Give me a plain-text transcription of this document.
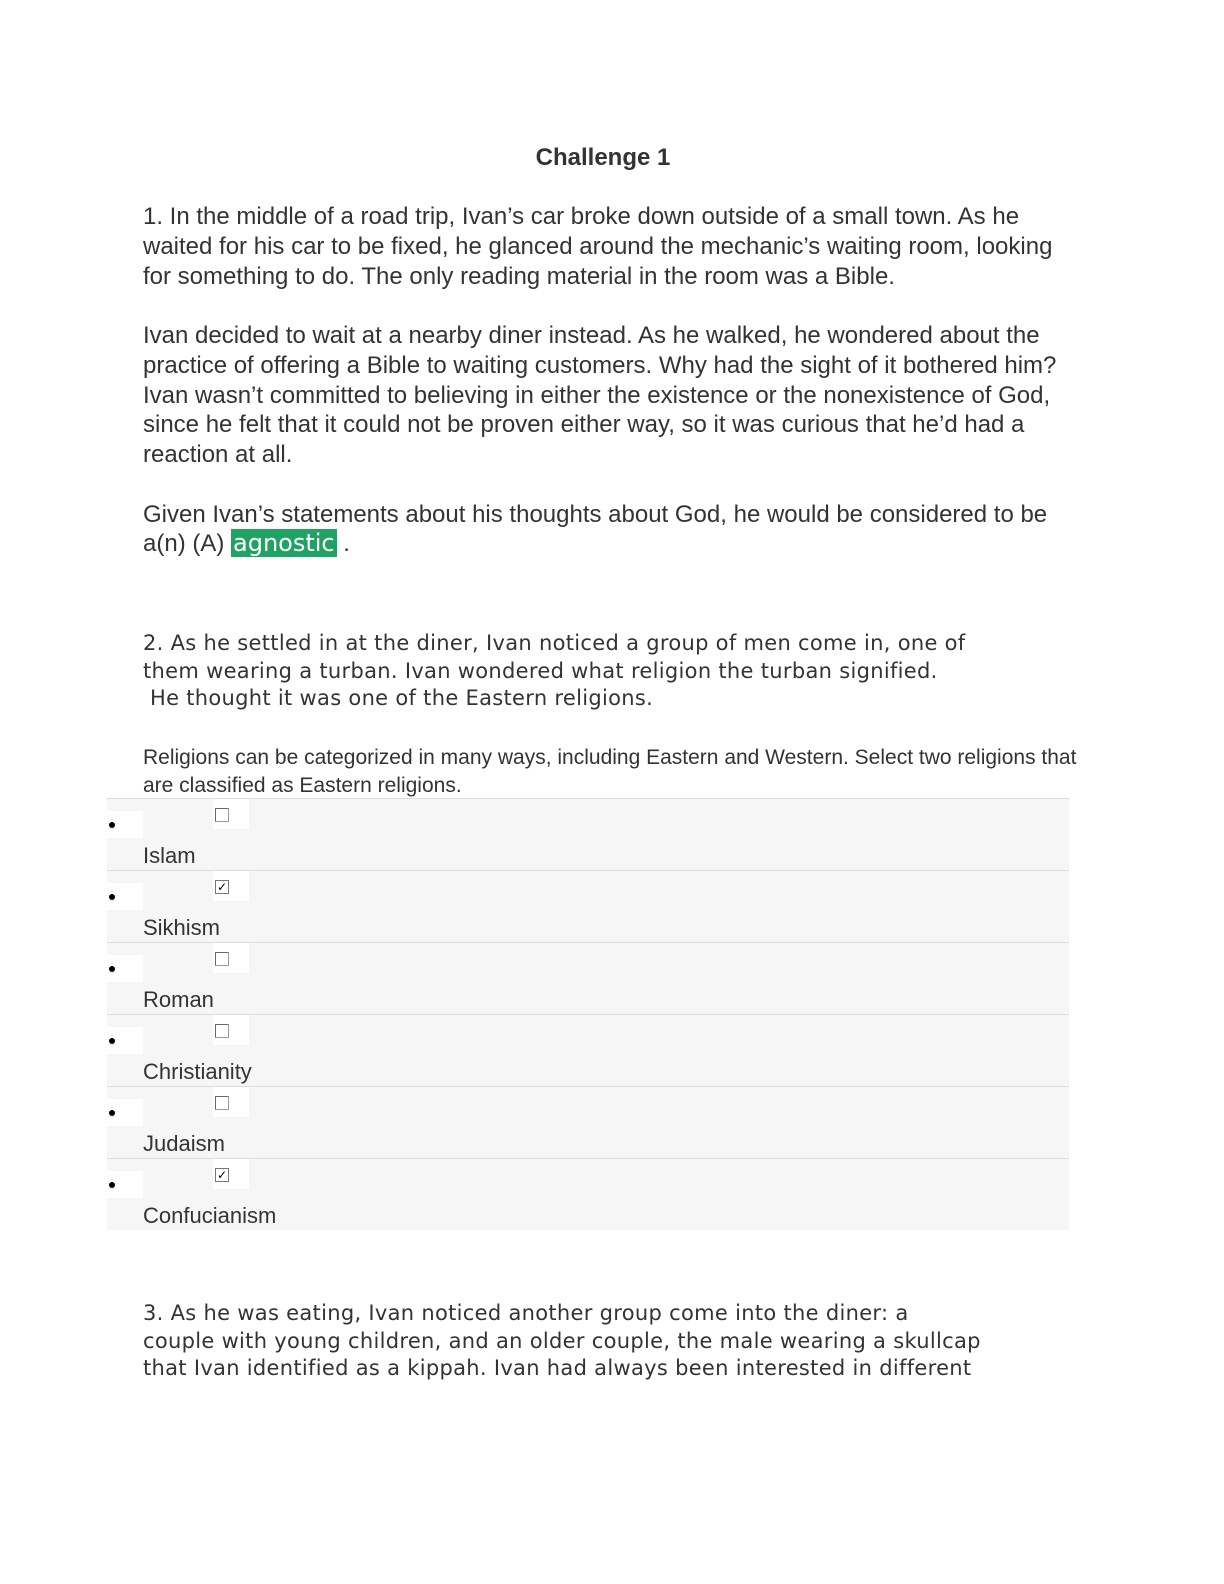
Challenge 1

1. In the middle of a road trip, Ivan’s car broke down outside of a small town. As he waited for his car to be fixed, he glanced around the mechanic’s waiting room, looking for something to do. The only reading material in the room was a Bible.

Ivan decided to wait at a nearby diner instead. As he walked, he wondered about the practice of offering a Bible to waiting customers. Why had the sight of it bothered him? Ivan wasn’t committed to believing in either the existence or the nonexistence of God, since he felt that it could not be proven either way, so it was curious that he’d had a reaction at all.

Given Ivan’s statements about his thoughts about God, he would be considered to be a(n) (A) agnostic .

2. As he settled in at the diner, Ivan noticed a group of men come in, one of

them wearing a turban. Ivan wondered what religion the turban signified.

He thought it was one of the Eastern religions.

Religions can be categorized in many ways, including Eastern and Western. Select two religions that are classified as Eastern religions.
Islam
✓
Sikhism
Roman
Christianity
Judaism
✓
Confucianism

3. As he was eating, Ivan noticed another group come into the diner: a

couple with young children, and an older couple, the male wearing a skullcap

that Ivan identified as a kippah. Ivan had always been interested in different
